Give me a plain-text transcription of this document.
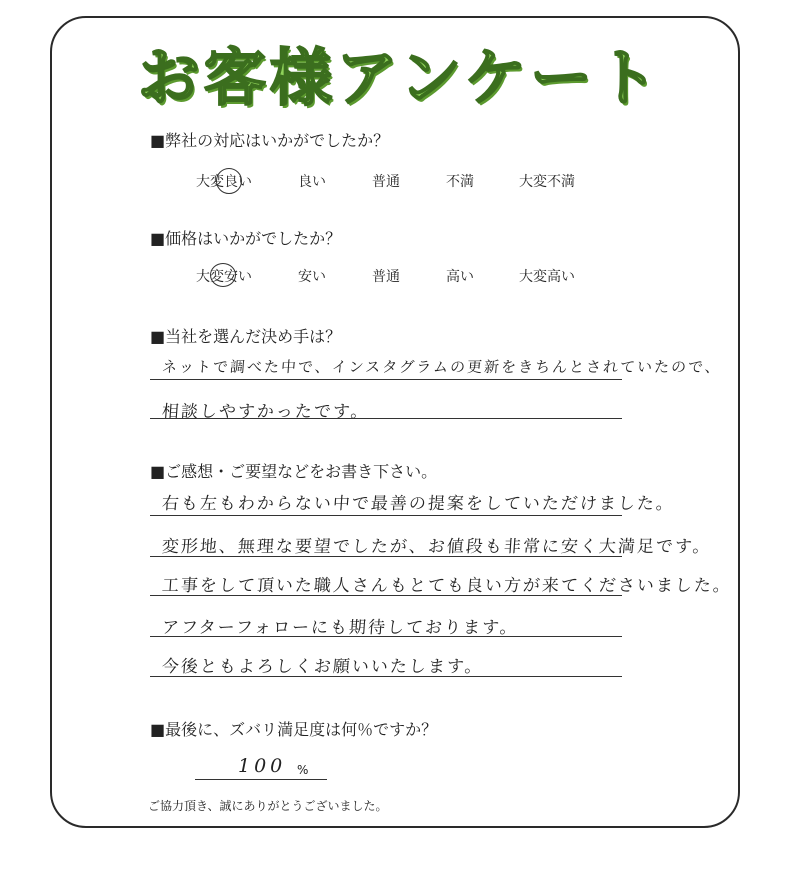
お客様アンケート
■弊社の対応はいかがでしたか？
大変良い	良い	普通	不満	大変不満
■価格はいかがでしたか？
大変安い	安い	普通	高い	大変高い
■当社を選んだ決め手は？
ネットで調べた中で、インスタグラムの更新をきちんとされていたので、
相談しやすかったです。
■ご感想・ご要望などをお書き下さい。
右も左もわからない中で最善の提案をしていただけました。
変形地、無理な要望でしたが、お値段も非常に安く大満足です。
工事をして頂いた職人さんもとても良い方が来てくださいました。
アフターフォローにも期待しております。
今後ともよろしくお願いいたします。
■最後に、ズバリ満足度は何％ですか？
100 %
ご協力頂き、誠にありがとうございました。
